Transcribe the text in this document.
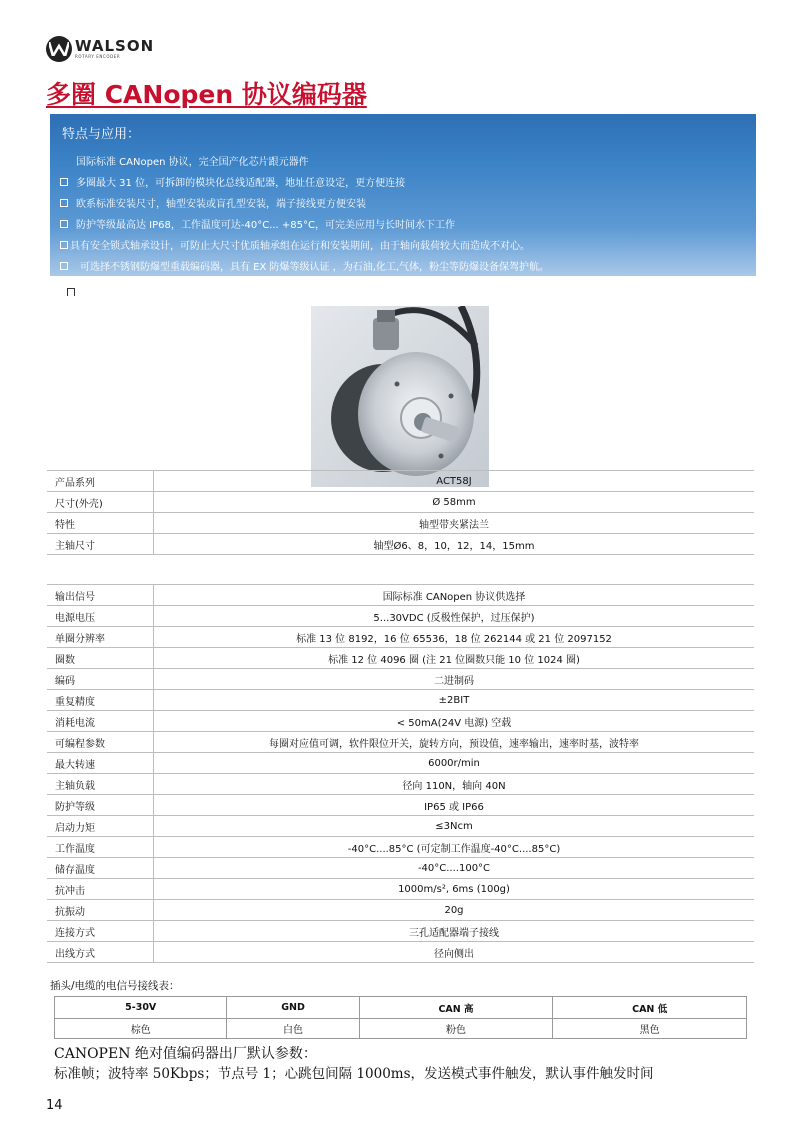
WALSON
ROTARY ENCODER
多圈 CANopen 协议编码器
特点与应用：
国际标准 CANopen 协议，完全国产化芯片跟元器件
多圈最大 31 位，可拆卸的模块化总线适配器，地址任意设定，更方便连接
欧系标准安装尺寸，轴型安装或盲孔型安装，端子接线更方便安装
防护等级最高达 IP68，工作温度可达-40°C... +85°C，可完美应用与长时间水下工作
具有安全锁式轴承设计，可防止大尺寸优质轴承组在运行和安装期间，由于轴向载荷较大而造成不对心。
可选择不锈钢防爆型重载编码器，具有 EX 防爆等级认证 ，为石油,化工,气体，粉尘等防爆设备保驾护航。
产品系列	ACT58J
尺寸(外壳)	Ø 58mm
特性	轴型带夹紧法兰
主轴尺寸	轴型Ø6、8，10，12，14，15mm
输出信号	国际标准 CANopen 协议供选择
电源电压	5...30VDC (反极性保护，过压保护)
单圈分辨率	标准 13 位 8192，16 位 65536，18 位 262144 或 21 位 2097152
圈数	标准 12 位 4096 圈 (注 21 位圈数只能 10 位 1024 圈)
编码	二进制码
重复精度	±2BIT
消耗电流	< 50mA(24V 电源) 空载
可编程参数	每圈对应值可调，软件限位开关，旋转方向，预设值，速率输出，速率时基，波特率
最大转速	6000r/min
主轴负载	径向 110N，轴向 40N
防护等级	IP65 或 IP66
启动力矩	≤3Ncm
工作温度	-40°C....85°C (可定制工作温度-40°C....85°C)
储存温度	-40°C....100°C
抗冲击	1000m/s², 6ms (100g)
抗振动	20g
连接方式	三孔适配器端子接线
出线方式	径向侧出
插头/电缆的电信号接线表：
5-30V	GND	CAN 高	CAN 低
棕色	白色	粉色	黑色
CANOPEN 绝对值编码器出厂默认参数：
标准帧；波特率 50Kbps；节点号 1；心跳包间隔 1000ms，发送模式事件触发，默认事件触发时间
14
